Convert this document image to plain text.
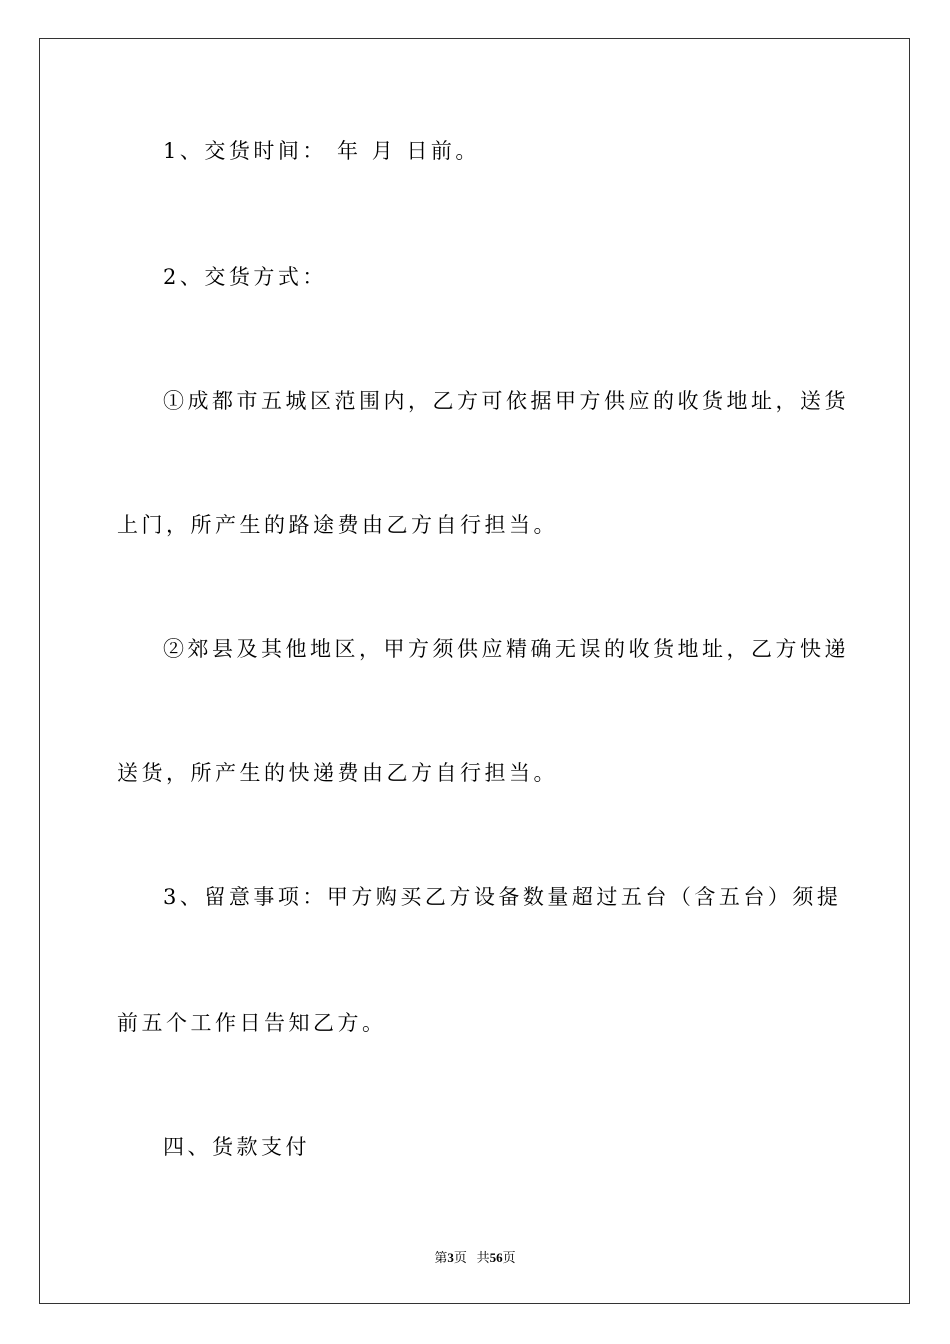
1、交货时间： 年 月 日前。
2、交货方式：
①成都市五城区范围内，乙方可依据甲方供应的收货地址，送货
上门，所产生的路途费由乙方自行担当。
②郊县及其他地区，甲方须供应精确无误的收货地址，乙方快递
送货，所产生的快递费由乙方自行担当。
3、留意事项：甲方购买乙方设备数量超过五台（含五台）须提
前五个工作日告知乙方。
四、货款支付
第3页 共56页
